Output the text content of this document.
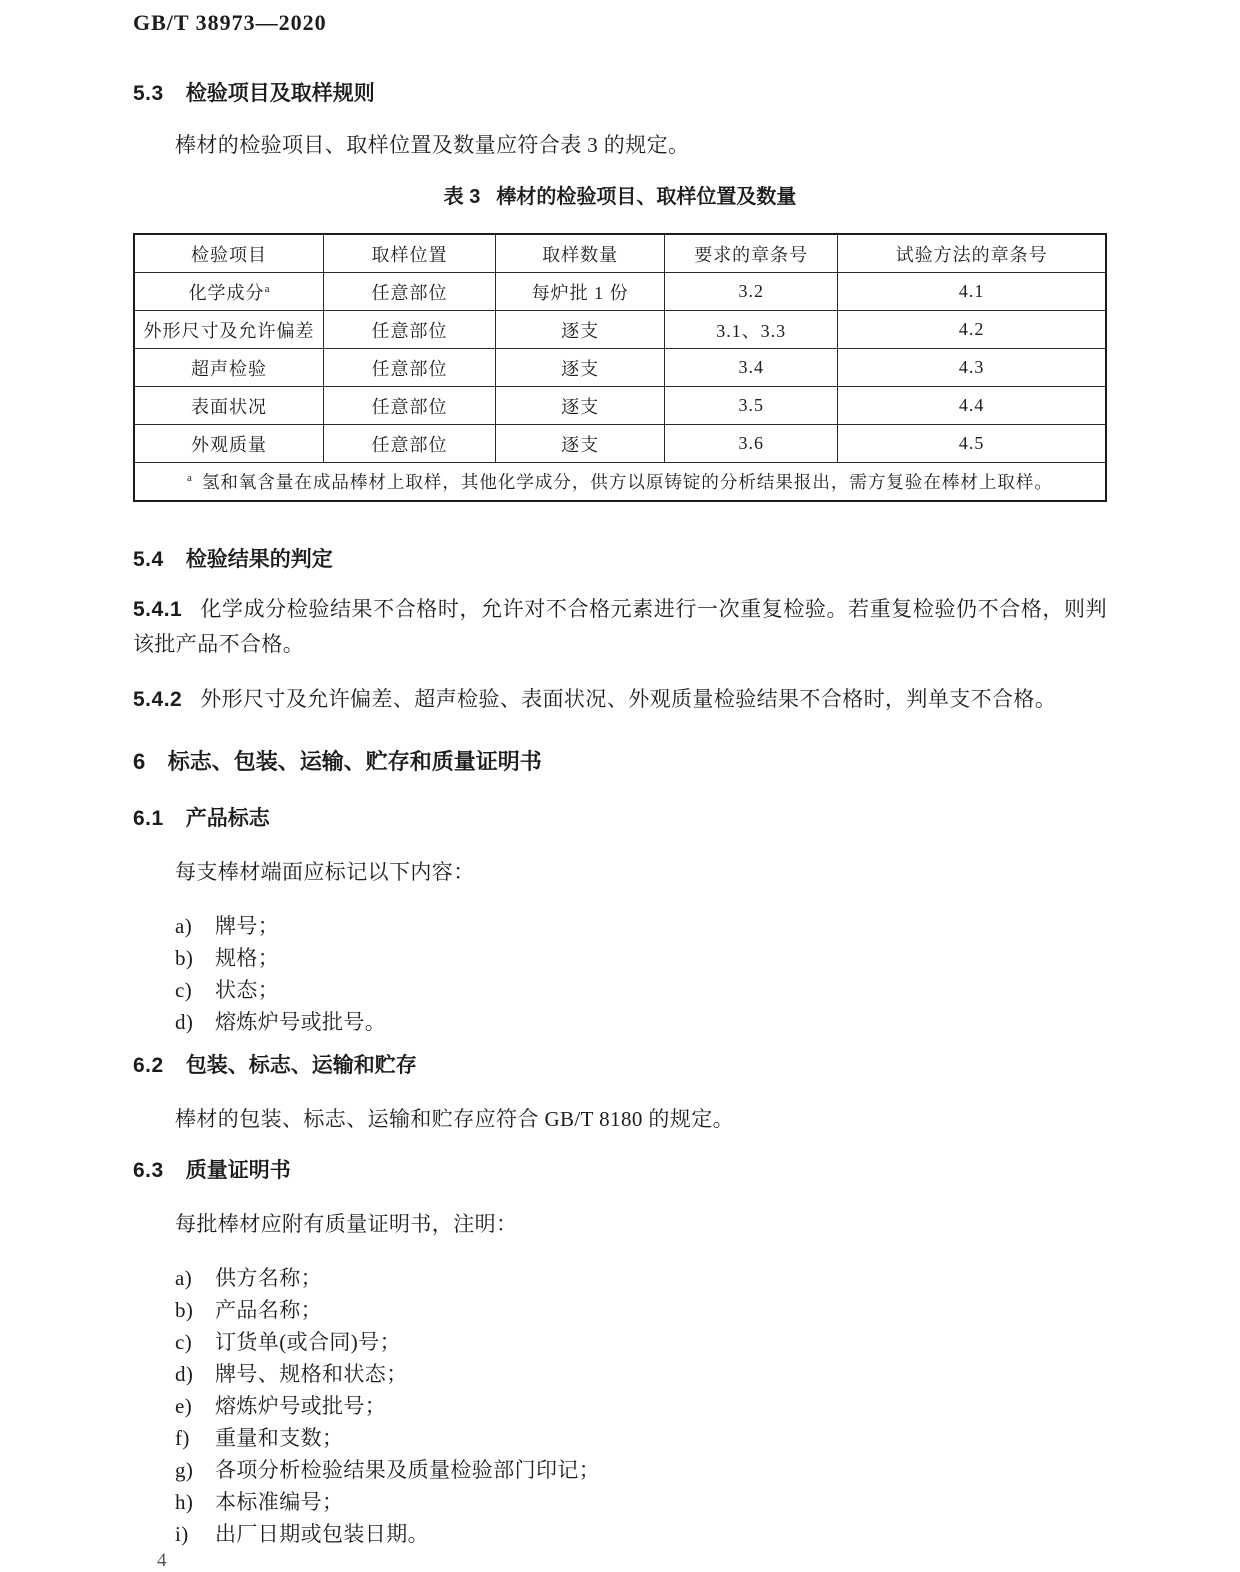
GB/T 38973—2020
5.3 检验项目及取样规则

棒材的检验项目、取样位置及数量应符合表 3 的规定。

表 3 棒材的检验项目、取样位置及数量
检验项目	取样位置	取样数量	要求的章条号	试验方法的章条号
化学成分$^a$	任意部位	每炉批 1 份	3.2	4.1
外形尺寸及允许偏差	任意部位	逐支	3.1、3.3	4.2
超声检验	任意部位	逐支	3.4	4.3
表面状况	任意部位	逐支	3.5	4.4
外观质量	任意部位	逐支	3.6	4.5
$^a$ 氢和氧含量在成品棒材上取样，其他化学成分，供方以原铸锭的分析结果报出，需方复验在棒材上取样。				
5.4 检验结果的判定

5.4.1 化学成分检验结果不合格时，允许对不合格元素进行一次重复检验。若重复检验仍不合格，则判该批产品不合格。

5.4.2 外形尺寸及允许偏差、超声检验、表面状况、外观质量检验结果不合格时，判单支不合格。

6 标志、包装、运输、贮存和质量证明书
6.1 产品标志

每支棒材端面应标记以下内容：

a)	牌号；
b)	规格；
c)	状态；
d)	熔炼炉号或批号。
6.2 包装、标志、运输和贮存

棒材的包装、标志、运输和贮存应符合 GB/T 8180 的规定。

6.3 质量证明书

每批棒材应附有质量证明书，注明：

a)	供方名称；
b)	产品名称；
c)	订货单(或合同)号；
d)	牌号、规格和状态；
e)	熔炼炉号或批号；
f)	重量和支数；
g)	各项分析检验结果及质量检验部门印记；
h)	本标准编号；
i)	出厂日期或包装日期。
4
